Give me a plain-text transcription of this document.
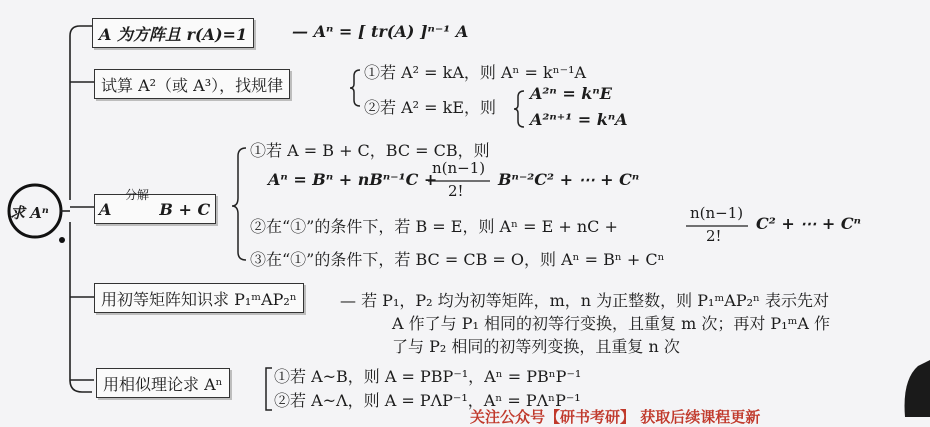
求 Aⁿ
A 为方阵且 r(A)=1	— Aⁿ = [ tr(A) ]ⁿ⁻¹ A
试算 A²（或 A³），找规律
①若 A² = kA，则 Aⁿ = kⁿ⁻¹A
②若 A² = kE，则
A²ⁿ = kⁿE
A²ⁿ⁺¹ = kⁿA
A	B + C
分解
①若 A = B + C，BC = CB，则
Aⁿ = Bⁿ + nBⁿ⁻¹C +
n(n−1)
2!
Bⁿ⁻²C² + ⋯ + Cⁿ
②在“①”的条件下，若 B = E，则 Aⁿ = E + nC +
n(n−1)
2!
C² + ⋯ + Cⁿ
③在“①”的条件下，若 BC = CB = O，则 Aⁿ = Bⁿ + Cⁿ
用初等矩阵知识求 P₁ᵐAP₂ⁿ	— 若 P₁，P₂ 均为初等矩阵，m，n 为正整数，则 P₁ᵐAP₂ⁿ 表示先对
A 作了与 P₁ 相同的初等行变换，且重复 m 次；再对 P₁ᵐA 作
了与 P₂ 相同的初等列变换，且重复 n 次
用相似理论求 Aⁿ	①若 A~B，则 A = PBP⁻¹，Aⁿ = PBⁿP⁻¹
②若 A~Λ，则 A = PΛP⁻¹，Aⁿ = PΛⁿP⁻¹
关注公众号【研书考研】 获取后续课程更新
